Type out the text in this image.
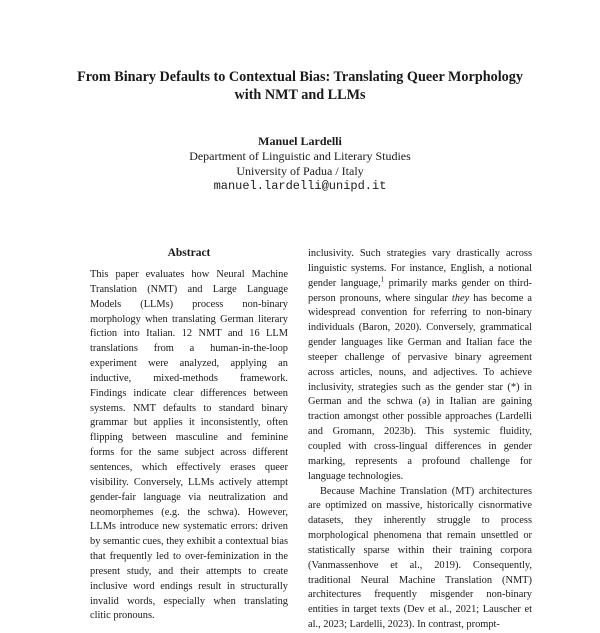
From Binary Defaults to Contextual Bias: Translating Queer Morphology
with NMT and LLMs
Manuel Lardelli
Department of Linguistic and Literary Studies
University of Padua / Italy
manuel.lardelli@unipd.it
Abstract

This paper evaluates how Neural Machine Translation (NMT) and Large Language Models (LLMs) process non-binary morphology when translating German literary fiction into Italian. 12 NMT and 16 LLM translations from a human-in-the-loop experiment were analyzed, applying an inductive, mixed-methods framework. Findings indicate clear differences between systems. NMT defaults to standard binary grammar but applies it inconsistently, often flipping between masculine and feminine forms for the same subject across different sentences, which effectively erases queer visibility. Conversely, LLMs actively attempt gender-fair language via neutralization and neomorphemes (e.g. the schwa). However, LLMs introduce new systematic errors: driven by semantic cues, they exhibit a contextual bias that frequently led to over-feminization in the present study, and their attempts to create inclusive word endings result in structurally invalid words, especially when translating clitic pronouns.

inclusivity. Such strategies vary drastically across linguistic systems. For instance, English, a notional gender language,$^1$ primarily marks gender on third-person pronouns, where singular they has become a widespread convention for referring to non-binary individuals (Baron, 2020). Conversely, grammatical gender languages like German and Italian face the steeper challenge of pervasive binary agreement across articles, nouns, and adjectives. To achieve inclusivity, strategies such as the gender star (*) in German and the schwa (ə) in Italian are gaining traction amongst other possible approaches (Lardelli and Gromann, 2023b). This systemic fluidity, coupled with cross-lingual differences in gender marking, represents a profound challenge for language technologies.

Because Machine Translation (MT) architectures are optimized on massive, historically cisnormative datasets, they inherently struggle to process morphological phenomena that remain unsettled or statistically sparse within their training corpora (Vanmassenhove et al., 2019). Consequently, traditional Neural Machine Translation (NMT) architectures frequently misgender non-binary entities in target texts (Dev et al., 2021; Lauscher et al., 2023; Lardelli, 2023). In contrast, prompt-
